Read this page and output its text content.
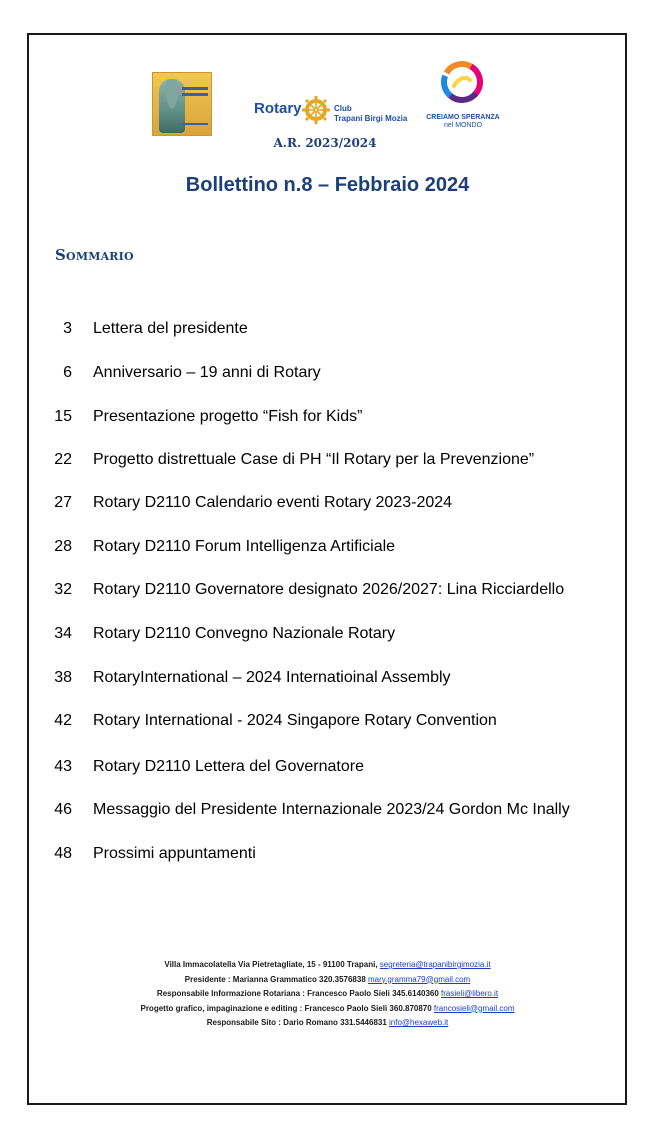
Rotary	Club
Trapani Birgi Mozia
A.R. 2023/2024
CREIAMO SPERANZA
nel MONDO
Bollettino n.8 – Febbraio 2024
Sommario
3 Lettera del presidente
6 Anniversario – 19 anni di Rotary
15 Presentazione progetto “Fish for Kids”
22 Progetto distrettuale Case di PH “Il Rotary per la Prevenzione”
27 Rotary D2110 Calendario eventi Rotary 2023-2024
28 Rotary D2110 Forum Intelligenza Artificiale
32 Rotary D2110 Governatore designato 2026/2027: Lina Ricciardello
34 Rotary D2110 Convegno Nazionale Rotary
38 RotaryInternational – 2024 Internatioinal Assembly
42 Rotary International - 2024 Singapore Rotary Convention
43 Rotary D2110 Lettera del Governatore
46 Messaggio del Presidente Internazionale 2023/24 Gordon Mc Inally
48 Prossimi appuntamenti
Villa Immacolatella Via Pietretagliate, 15 - 91100 Trapani, segreteria@trapanibirgimozia.it
Presidente : Marianna Grammatico 320.3576838 mary.gramma79@gmail.com
Responsabile Informazione Rotariana : Francesco Paolo Sieli 345.6140360 frasieli@libero.it
Progetto grafico, impaginazione e editing : Francesco Paolo Sieli 360.870870 francosieli@gmail.com
Responsabile Sito : Dario Romano 331.5446831 info@hexaweb.it
